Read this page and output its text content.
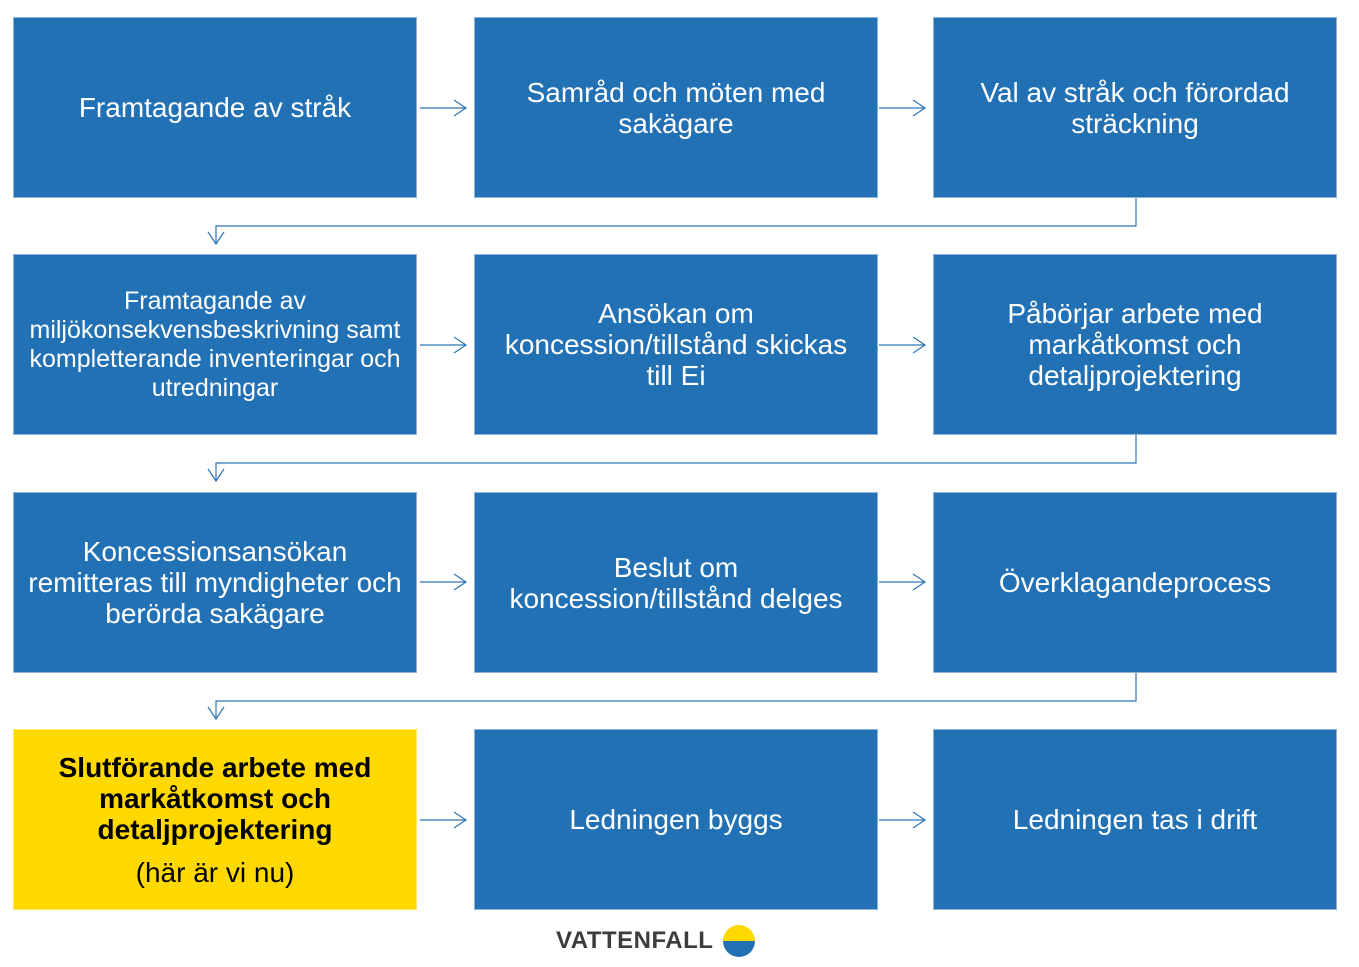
Framtagande av stråk	Samråd och möten med sakägare
Val av stråk och förordad sträckning
Framtagande av miljökonsekvensbeskrivning samt kompletterande inventeringar och utredningar
Ansökan om koncession/tillstånd skickas till Ei
Påbörjar arbete med markåtkomst och detaljprojektering
Koncessionsansökan remitteras till myndigheter och berörda sakägare
Beslut om koncession/tillstånd delges	Överklagandeprocess
Slutförande arbete med markåtkomst och detaljprojektering
(här är vi nu)
Ledningen byggs	Ledningen tas i drift
VATTENFALL
